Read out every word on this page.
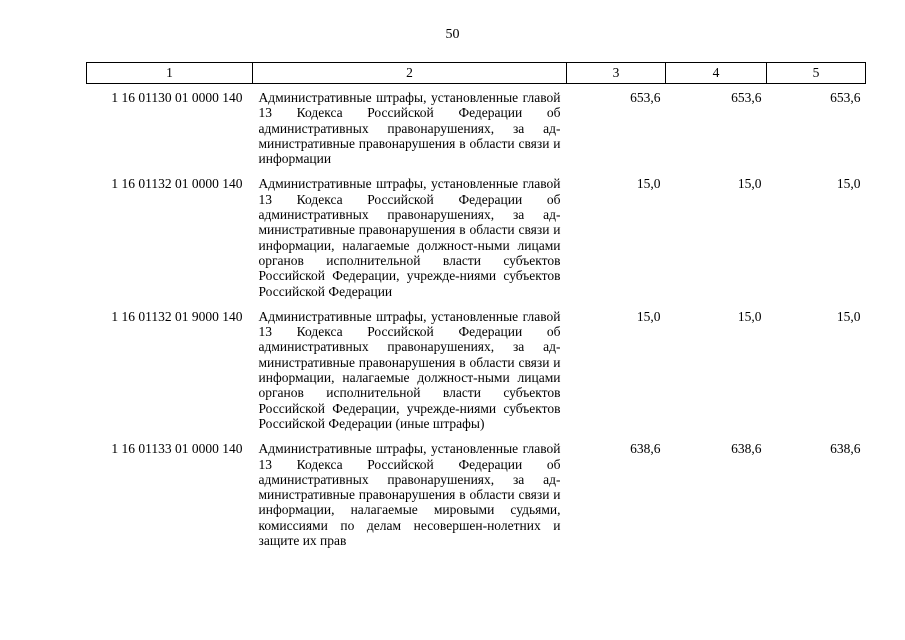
50
1	2	3	4	5
1 16 01130 01 0000 140	Административные штрафы, установленные главой 13 Кодекса Российской Федерации об административных правонарушениях, за ад-министративные правонарушения в области связи и информации	653,6	653,6	653,6
1 16 01132 01 0000 140	Административные штрафы, установленные главой 13 Кодекса Российской Федерации об административных правонарушениях, за ад-министративные правонарушения в области связи и информации, налагаемые должност-ными лицами органов исполнительной власти субъектов Российской Федерации, учрежде-ниями субъектов Российской Федерации	15,0	15,0	15,0
1 16 01132 01 9000 140	Административные штрафы, установленные главой 13 Кодекса Российской Федерации об административных правонарушениях, за ад-министративные правонарушения в области связи и информации, налагаемые должност-ными лицами органов исполнительной власти субъектов Российской Федерации, учрежде-ниями субъектов Российской Федерации (иные штрафы)	15,0	15,0	15,0
1 16 01133 01 0000 140	Административные штрафы, установленные главой 13 Кодекса Российской Федерации об административных правонарушениях, за ад-министративные правонарушения в области связи и информации, налагаемые мировыми судьями, комиссиями по делам несовершен-нолетних и защите их прав	638,6	638,6	638,6
